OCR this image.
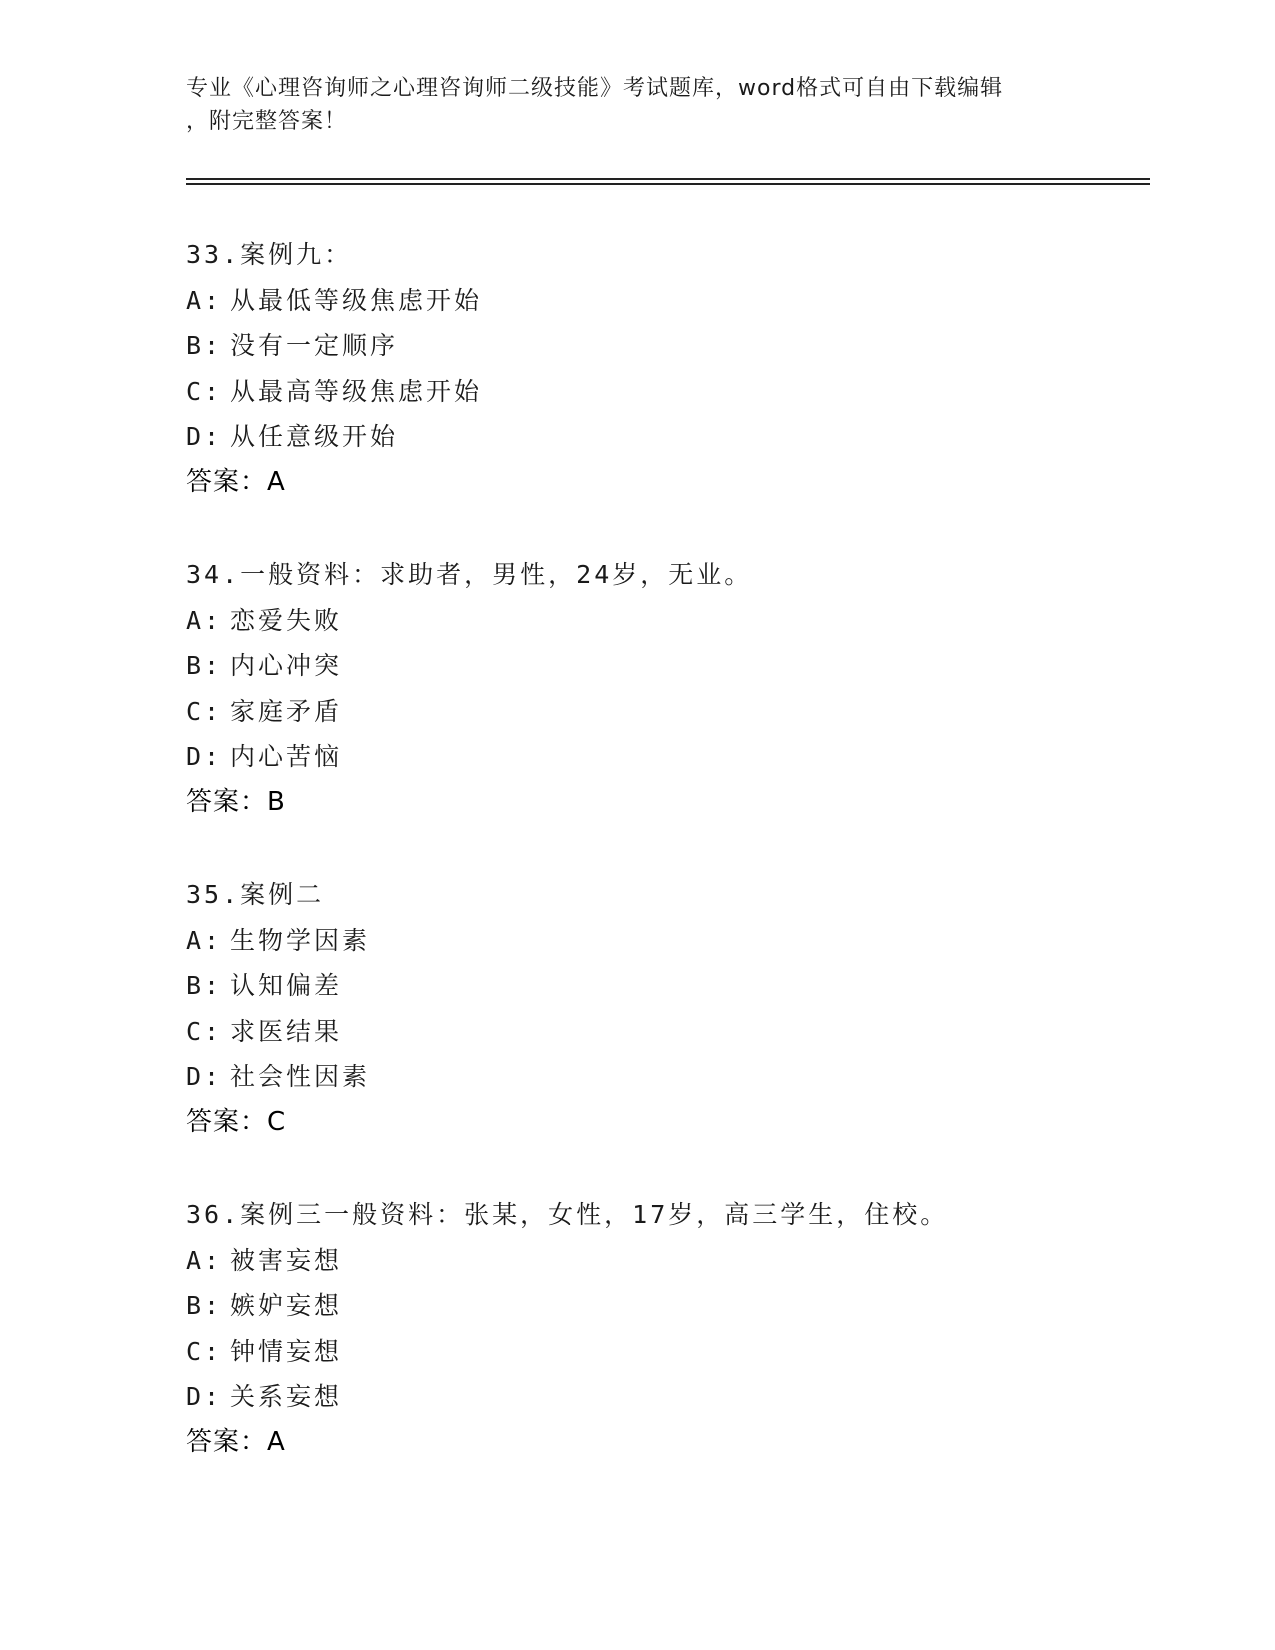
专业《心理咨询师之心理咨询师二级技能》考试题库，word格式可自由下载编辑
，附完整答案！
33.案例九：
A: 从最低等级焦虑开始
B: 没有一定顺序
C: 从最高等级焦虑开始
D: 从任意级开始
答案：A
34.一般资料：求助者，男性，24岁，无业。
A: 恋爱失败
B: 内心冲突
C: 家庭矛盾
D: 内心苦恼
答案：B
35.案例二
A: 生物学因素
B: 认知偏差
C: 求医结果
D: 社会性因素
答案：C
36.案例三一般资料：张某，女性，17岁，高三学生，住校。
A: 被害妄想
B: 嫉妒妄想
C: 钟情妄想
D: 关系妄想
答案：A
